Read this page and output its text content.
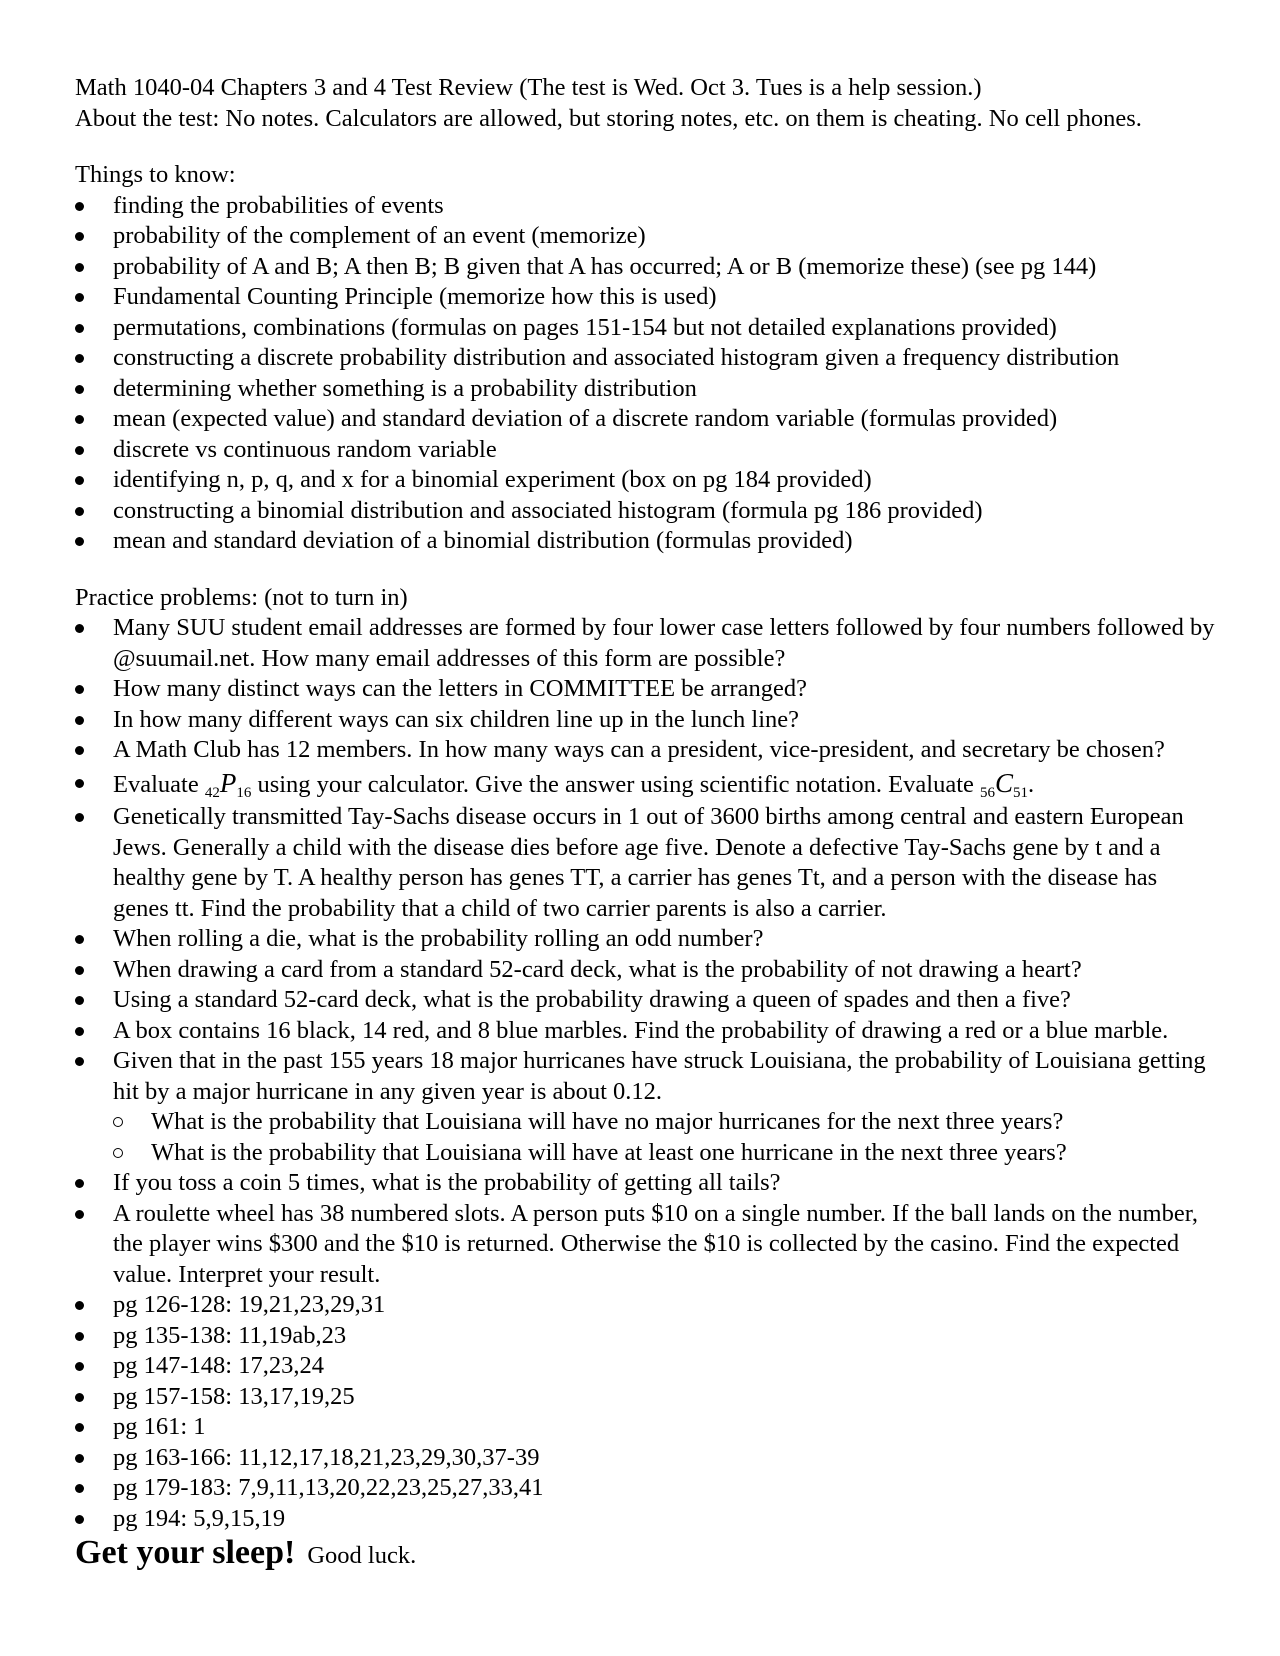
Math 1040-04 Chapters 3 and 4 Test Review (The test is Wed. Oct 3. Tues is a help session.)
About the test: No notes. Calculators are allowed, but storing notes, etc. on them is cheating. No cell phones.
Things to know:
finding the probabilities of events
probability of the complement of an event (memorize)
probability of A and B; A then B; B given that A has occurred; A or B (memorize these) (see pg 144)
Fundamental Counting Principle (memorize how this is used)
permutations, combinations (formulas on pages 151-154 but not detailed explanations provided)
constructing a discrete probability distribution and associated histogram given a frequency distribution
determining whether something is a probability distribution
mean (expected value) and standard deviation of a discrete random variable (formulas provided)
discrete vs continuous random variable
identifying n, p, q, and x for a binomial experiment (box on pg 184 provided)
constructing a binomial distribution and associated histogram (formula pg 186 provided)
mean and standard deviation of a binomial distribution (formulas provided)
Practice problems: (not to turn in)
Many SUU student email addresses are formed by four lower case letters followed by four numbers followed by @suumail.net. How many email addresses of this form are possible?
How many distinct ways can the letters in COMMITTEE be arranged?
In how many different ways can six children line up in the lunch line?
A Math Club has 12 members. In how many ways can a president, vice-president, and secretary be chosen?
Evaluate $_{42}P_{16}$ using your calculator. Give the answer using scientific notation. Evaluate $_{56}C_{51}$.
Genetically transmitted Tay-Sachs disease occurs in 1 out of 3600 births among central and eastern European Jews. Generally a child with the disease dies before age five. Denote a defective Tay-Sachs gene by t and a healthy gene by T. A healthy person has genes TT, a carrier has genes Tt, and a person with the disease has genes tt. Find the probability that a child of two carrier parents is also a carrier.
When rolling a die, what is the probability rolling an odd number?
When drawing a card from a standard 52-card deck, what is the probability of not drawing a heart?
Using a standard 52-card deck, what is the probability drawing a queen of spades and then a five?
A box contains 16 black, 14 red, and 8 blue marbles. Find the probability of drawing a red or a blue marble.
Given that in the past 155 years 18 major hurricanes have struck Louisiana, the probability of Louisiana getting hit by a major hurricane in any given year is about 0.12.
What is the probability that Louisiana will have no major hurricanes for the next three years?
What is the probability that Louisiana will have at least one hurricane in the next three years?
If you toss a coin 5 times, what is the probability of getting all tails?
A roulette wheel has 38 numbered slots. A person puts $10 on a single number. If the ball lands on the number, the player wins $300 and the $10 is returned. Otherwise the $10 is collected by the casino. Find the expected value. Interpret your result.
pg 126-128: 19,21,23,29,31
pg 135-138: 11,19ab,23
pg 147-148: 17,23,24
pg 157-158: 13,17,19,25
pg 161: 1
pg 163-166: 11,12,17,18,21,23,29,30,37-39
pg 179-183: 7,9,11,13,20,22,23,25,27,33,41
pg 194: 5,9,15,19
Get your sleep! Good luck.
